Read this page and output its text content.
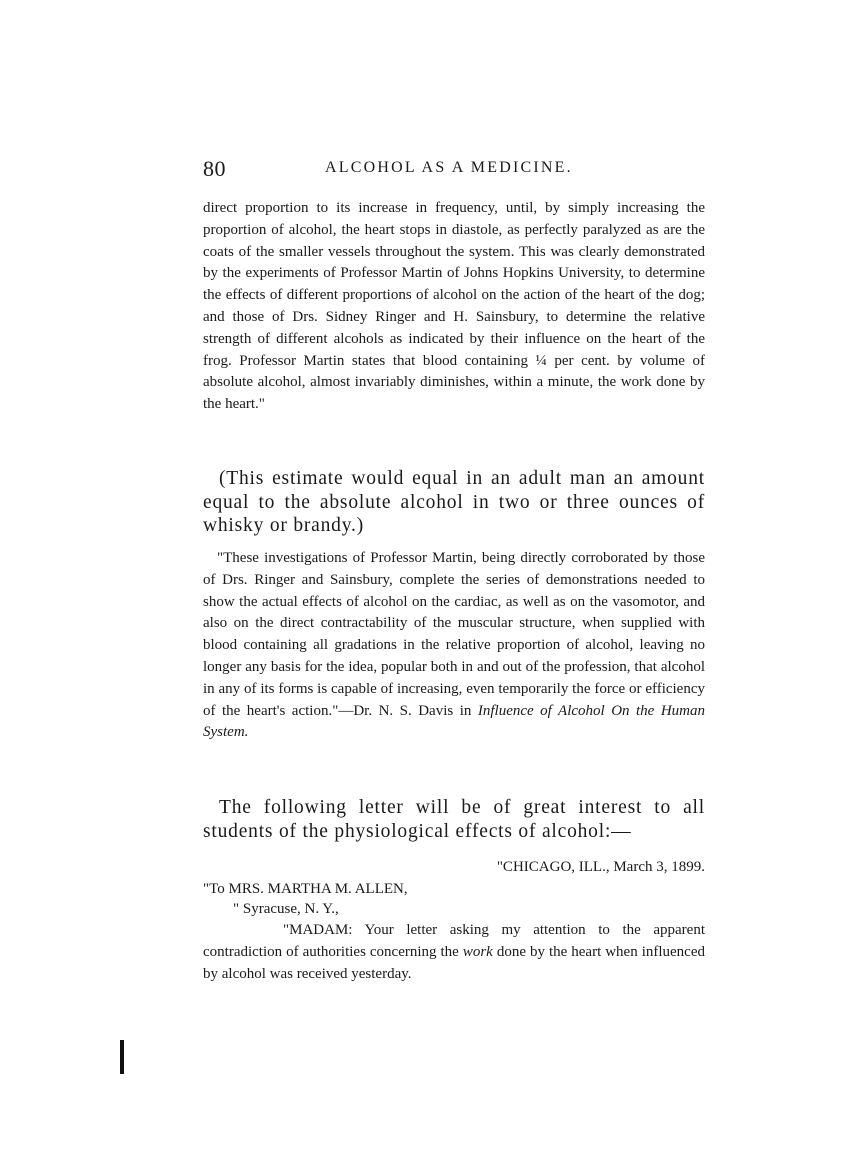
80	ALCOHOL AS A MEDICINE.

direct proportion to its increase in frequency, until, by simply increasing the proportion of alcohol, the heart stops in diastole, as perfectly paralyzed as are the coats of the smaller vessels throughout the system. This was clearly demonstrated by the experiments of Professor Martin of Johns Hopkins University, to determine the effects of different proportions of alcohol on the action of the heart of the dog; and those of Drs. Sidney Ringer and H. Sainsbury, to determine the relative strength of different alcohols as indicated by their influence on the heart of the frog. Professor Martin states that blood containing ¼ per cent. by volume of absolute alcohol, almost invariably diminishes, within a minute, the work done by the heart."

(This estimate would equal in an adult man an amount equal to the absolute alcohol in two or three ounces of whisky or brandy.)

"These investigations of Professor Martin, being directly corroborated by those of Drs. Ringer and Sainsbury, complete the series of demonstrations needed to show the actual effects of alcohol on the cardiac, as well as on the vasomotor, and also on the direct contractability of the muscular structure, when supplied with blood containing all gradations in the relative proportion of alcohol, leaving no longer any basis for the idea, popular both in and out of the profession, that alcohol in any of its forms is capable of increasing, even temporarily the force or efficiency of the heart's action."—Dr. N. S. Davis in Influence of Alcohol On the Human System.

The following letter will be of great interest to all students of the physiological effects of alcohol:—

"CHICAGO, ILL., March 3, 1899.
"To MRS. MARTHA M. ALLEN,
" Syracuse, N. Y.,

"MADAM: Your letter asking my attention to the apparent contradiction of authorities concerning the work done by the heart when influenced by alcohol was received yesterday.
